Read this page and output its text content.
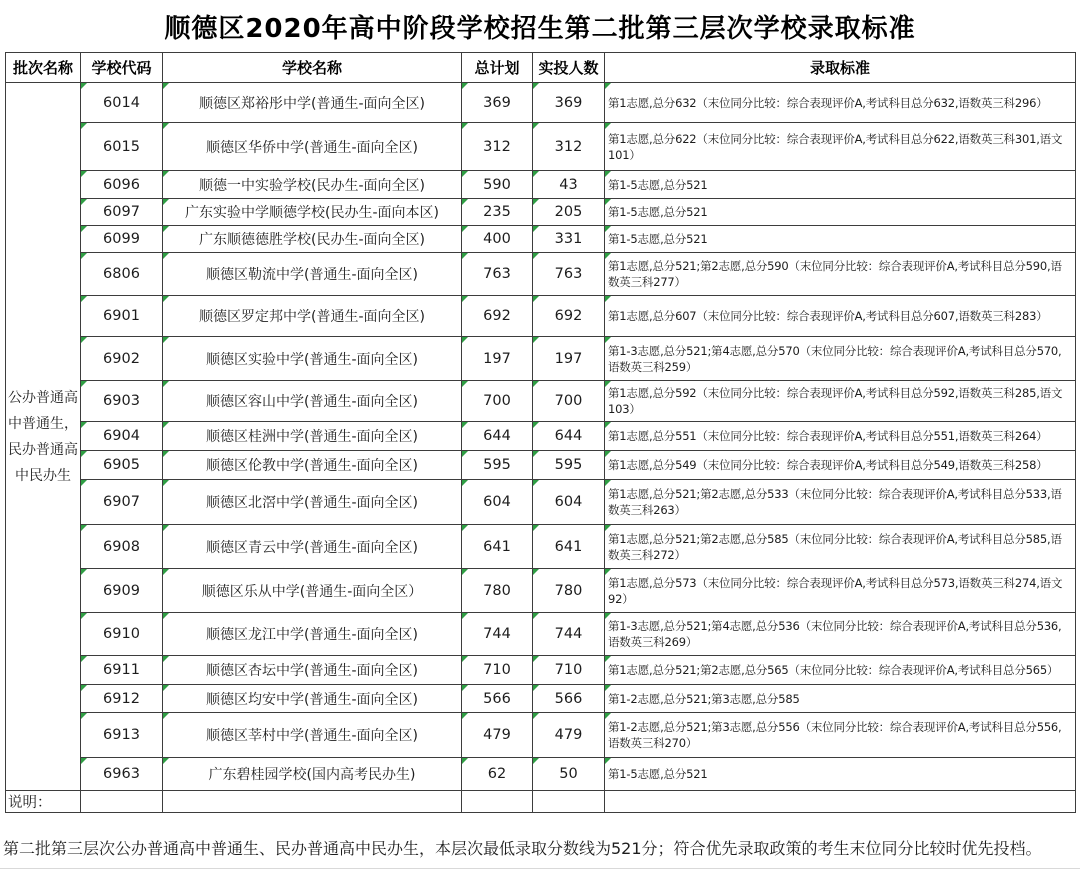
顺德区2020年高中阶段学校招生第二批第三层次学校录取标准
批次名称	学校代码	学校名称	总计划	实投人数	录取标准
公办普通高中普通生，民办普通高中民办生	6014	顺德区郑裕彤中学(普通生-面向全区)	369	369	第1志愿,总分632（末位同分比较：综合表现评价A,考试科目总分632,语数英三科296）
	6015	顺德区华侨中学(普通生-面向全区)	312	312	第1志愿,总分622（末位同分比较：综合表现评价A,考试科目总分622,语数英三科301,语文101）
	6096	顺德一中实验学校(民办生-面向全区)	590	43	第1-5志愿,总分521
	6097	广东实验中学顺德学校(民办生-面向本区)	235	205	第1-5志愿,总分521
	6099	广东顺德德胜学校(民办生-面向全区)	400	331	第1-5志愿,总分521
	6806	顺德区勒流中学(普通生-面向全区)	763	763	第1志愿,总分521;第2志愿,总分590（末位同分比较：综合表现评价A,考试科目总分590,语数英三科277）
	6901	顺德区罗定邦中学(普通生-面向全区)	692	692	第1志愿,总分607（末位同分比较：综合表现评价A,考试科目总分607,语数英三科283）
	6902	顺德区实验中学(普通生-面向全区)	197	197	第1-3志愿,总分521;第4志愿,总分570（末位同分比较：综合表现评价A,考试科目总分570,语数英三科259）
	6903	顺德区容山中学(普通生-面向全区)	700	700	第1志愿,总分592（末位同分比较：综合表现评价A,考试科目总分592,语数英三科285,语文103）
	6904	顺德区桂洲中学(普通生-面向全区)	644	644	第1志愿,总分551（末位同分比较：综合表现评价A,考试科目总分551,语数英三科264）
	6905	顺德区伦教中学(普通生-面向全区)	595	595	第1志愿,总分549（末位同分比较：综合表现评价A,考试科目总分549,语数英三科258）
	6907	顺德区北滘中学(普通生-面向全区)	604	604	第1志愿,总分521;第2志愿,总分533（末位同分比较：综合表现评价A,考试科目总分533,语数英三科263）
	6908	顺德区青云中学(普通生-面向全区)	641	641	第1志愿,总分521;第2志愿,总分585（末位同分比较：综合表现评价A,考试科目总分585,语数英三科272）
	6909	顺德区乐从中学(普通生-面向全区）	780	780	第1志愿,总分573（末位同分比较：综合表现评价A,考试科目总分573,语数英三科274,语文92）
	6910	顺德区龙江中学(普通生-面向全区)	744	744	第1-3志愿,总分521;第4志愿,总分536（末位同分比较：综合表现评价A,考试科目总分536,语数英三科269）
	6911	顺德区杏坛中学(普通生-面向全区)	710	710	第1志愿,总分521;第2志愿,总分565（末位同分比较：综合表现评价A,考试科目总分565）
	6912	顺德区均安中学(普通生-面向全区)	566	566	第1-2志愿,总分521;第3志愿,总分585
	6913	顺德区莘村中学(普通生-面向全区)	479	479	第1-2志愿,总分521;第3志愿,总分556（末位同分比较：综合表现评价A,考试科目总分556,语数英三科270）
	6963	广东碧桂园学校(国内高考民办生)	62	50	第1-5志愿,总分521
说明：					
第二批第三层次公办普通高中普通生、民办普通高中民办生，本层次最低录取分数线为521分；符合优先录取政策的考生末位同分比较时优先投档。
